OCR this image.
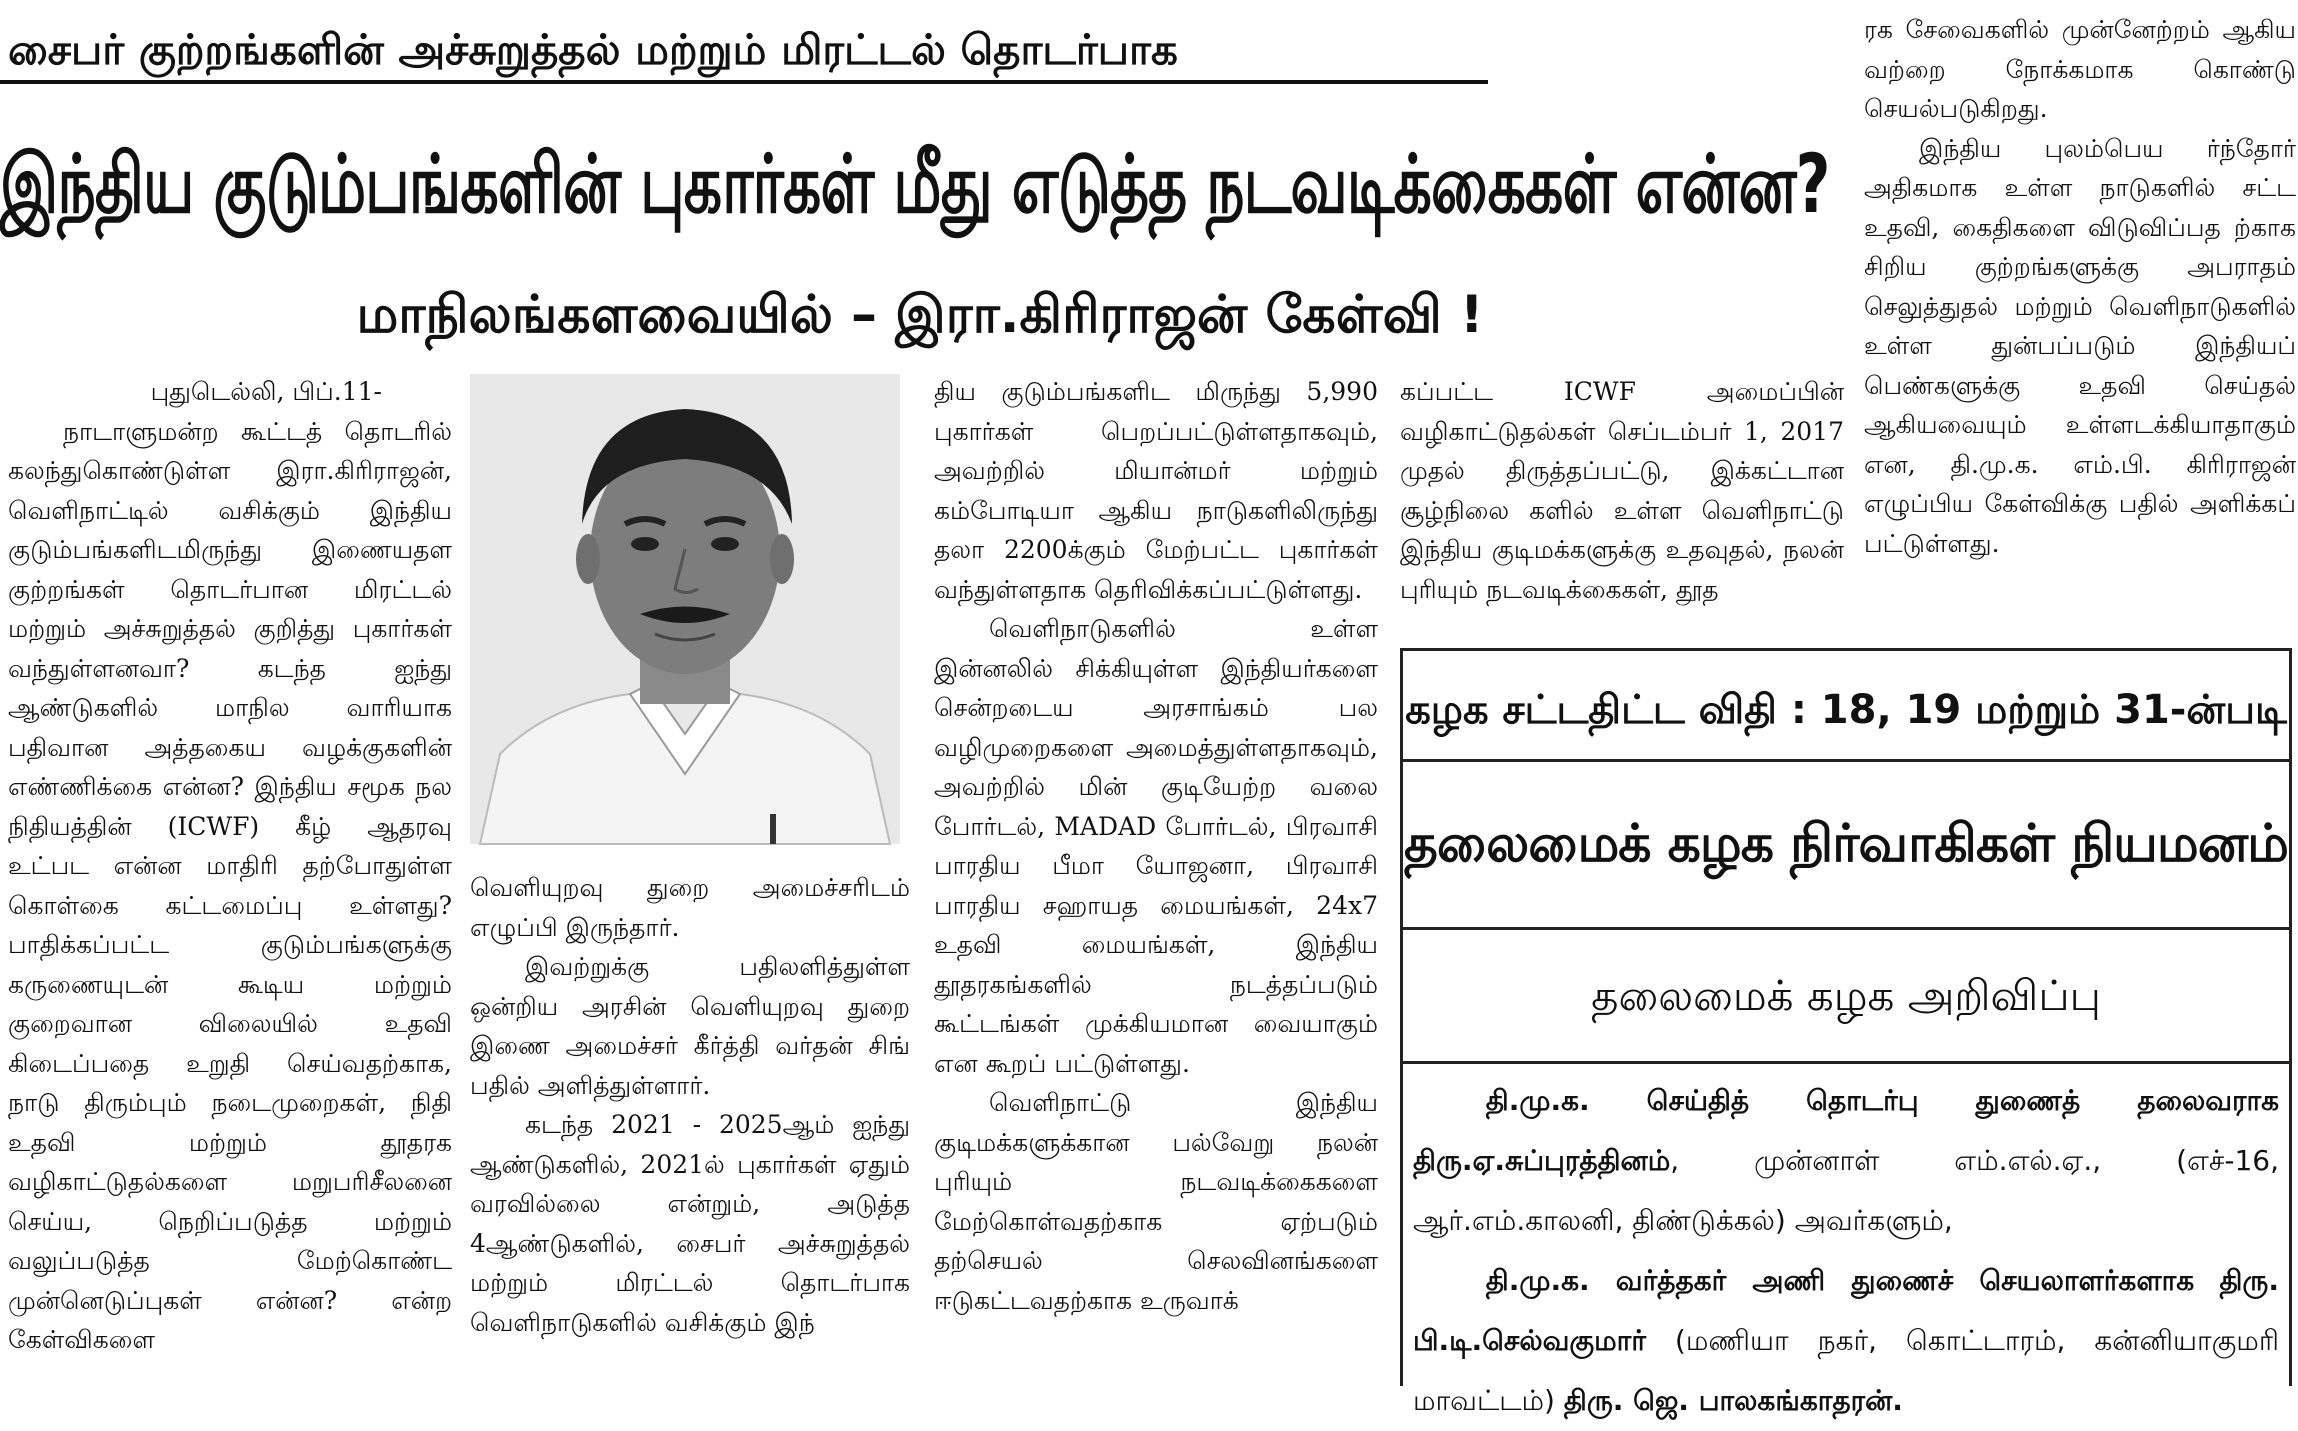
சைபர் குற்றங்களின் அச்சுறுத்தல் மற்றும் மிரட்டல் தொடர்பாக
இந்திய குடும்பங்களின் புகார்கள் மீது எடுத்த நடவடிக்கைகள் என்ன?
மாநிலங்களவையில் – இரா.கிரிராஜன் கேள்வி !

புதுடெல்லி, பிப்.11-

நாடாளுமன்ற கூட்டத் தொடரில் கலந்துகொண்டுள்ள இரா.கிரிராஜன், வெளிநாட்டில் வசிக்கும் இந்திய குடும்பங்களிடமிருந்து இணையதள குற்றங்கள் தொடர்பான மிரட்டல் மற்றும் அச்சுறுத்தல் குறித்து புகார்கள் வந்துள்ளனவா? கடந்த ஐந்து ஆண்டுகளில் மாநில வாரியாக பதிவான அத்தகைய வழக்குகளின் எண்ணிக்கை என்ன? இந்திய சமூக நல நிதியத்தின் (ICWF) கீழ் ஆதரவு உட்பட என்ன மாதிரி தற்போதுள்ள கொள்கை கட்டமைப்பு உள்ளது? பாதிக்கப்பட்ட குடும்பங்களுக்கு கருணையுடன் கூடிய மற்றும் குறைவான விலையில் உதவி கிடைப்பதை உறுதி செய்வதற்காக, நாடு திரும்பும் நடைமுறைகள், நிதி உதவி மற்றும் தூதரக வழிகாட்டுதல்களை மறுபரிசீலனை செய்ய, நெறிப்படுத்த மற்றும் வலுப்படுத்த மேற்கொண்ட முன்னெடுப்புகள் என்ன? என்ற கேள்விகளை

வெளியுறவு துறை அமைச்சரிடம் எழுப்பி இருந்தார்.

இவற்றுக்கு பதிலளித்துள்ள ஒன்றிய அரசின் வெளியுறவு துறை இணை அமைச்சர் கீர்த்தி வர்தன் சிங் பதில் அளித்துள்ளார்.

கடந்த 2021 - 2025ஆம் ஐந்து ஆண்டுகளில், 2021ல் புகார்கள் ஏதும் வரவில்லை என்றும், அடுத்த 4ஆண்டுகளில், சைபர் அச்சுறுத்தல் மற்றும் மிரட்டல் தொடர்பாக வெளிநாடுகளில் வசிக்கும் இந்

திய குடும்பங்களிட மிருந்து 5,990 புகார்கள் பெறப்பட்டுள்ளதாகவும், அவற்றில் மியான்மர் மற்றும் கம்போடியா ஆகிய நாடுகளிலிருந்து தலா 2200க்கும் மேற்பட்ட புகார்கள் வந்துள்ளதாக தெரிவிக்கப்பட்டுள்ளது.

வெளிநாடுகளில் உள்ள இன்னலில் சிக்கியுள்ள இந்தியர்களை சென்றடைய அரசாங்கம் பல வழிமுறைகளை அமைத்துள்ளதாகவும், அவற்றில் மின் குடியேற்ற வலை போர்டல், MADAD போர்டல், பிரவாசி பாரதிய பீமா யோஜனா, பிரவாசி பாரதிய சஹாயத மையங்கள், 24x7 உதவி மையங்கள், இந்திய தூதரகங்களில் நடத்தப்படும் கூட்டங்கள் முக்கியமான வையாகும் என கூறப் பட்டுள்ளது.

வெளிநாட்டு இந்திய குடிமக்களுக்கான பல்வேறு நலன் புரியும் நடவடிக்கைகளை மேற்கொள்வதற்காக ஏற்படும் தற்செயல் செலவினங்களை ஈடுகட்டவதற்காக உருவாக்

கப்பட்ட ICWF அமைப்பின் வழிகாட்டுதல்கள் செப்டம்பர் 1, 2017 முதல் திருத்தப்பட்டு, இக்கட்டான சூழ்நிலை களில் உள்ள வெளிநாட்டு இந்திய குடிமக்களுக்கு உதவுதல், நலன் புரியும் நடவடிக்கைகள், தூத

ரக சேவைகளில் முன்னேற்றம் ஆகிய வற்றை நோக்கமாக கொண்டு செயல்படுகிறது.

இந்திய புலம்பெய ர்ந்தோர் அதிகமாக உள்ள நாடுகளில் சட்ட உதவி, கைதிகளை விடுவிப்பத ற்காக சிறிய குற்றங்களுக்கு அபராதம் செலுத்துதல் மற்றும் வெளிநாடுகளில் உள்ள துன்பப்படும் இந்தியப் பெண்களுக்கு உதவி செய்தல் ஆகியவையும் உள்ளடக்கியாதாகும் என, தி.மு.க. எம்.பி. கிரிராஜன் எழுப்பிய கேள்விக்கு பதில் அளிக்கப் பட்டுள்ளது.

கழக சட்டதிட்ட விதி : 18, 19 மற்றும் 31-ன்படி
தலைமைக் கழக நிர்வாகிகள் நியமனம்
தலைமைக் கழக அறிவிப்பு

தி.மு.க. செய்தித் தொடர்பு துணைத் தலைவராக திரு.ஏ.சுப்புரத்தினம், முன்னாள் எம்.எல்.ஏ., (எச்-16, ஆர்.எம்.காலனி, திண்டுக்கல்) அவர்களும்,

தி.மு.க. வர்த்தகர் அணி துணைச் செயலாளர்களாக திரு. பி.டி.செல்வகுமார் (மணியா நகர், கொட்டாரம், கன்னியாகுமரி மாவட்டம்) திரு. ஜெ. பாலகங்காதரன்.
